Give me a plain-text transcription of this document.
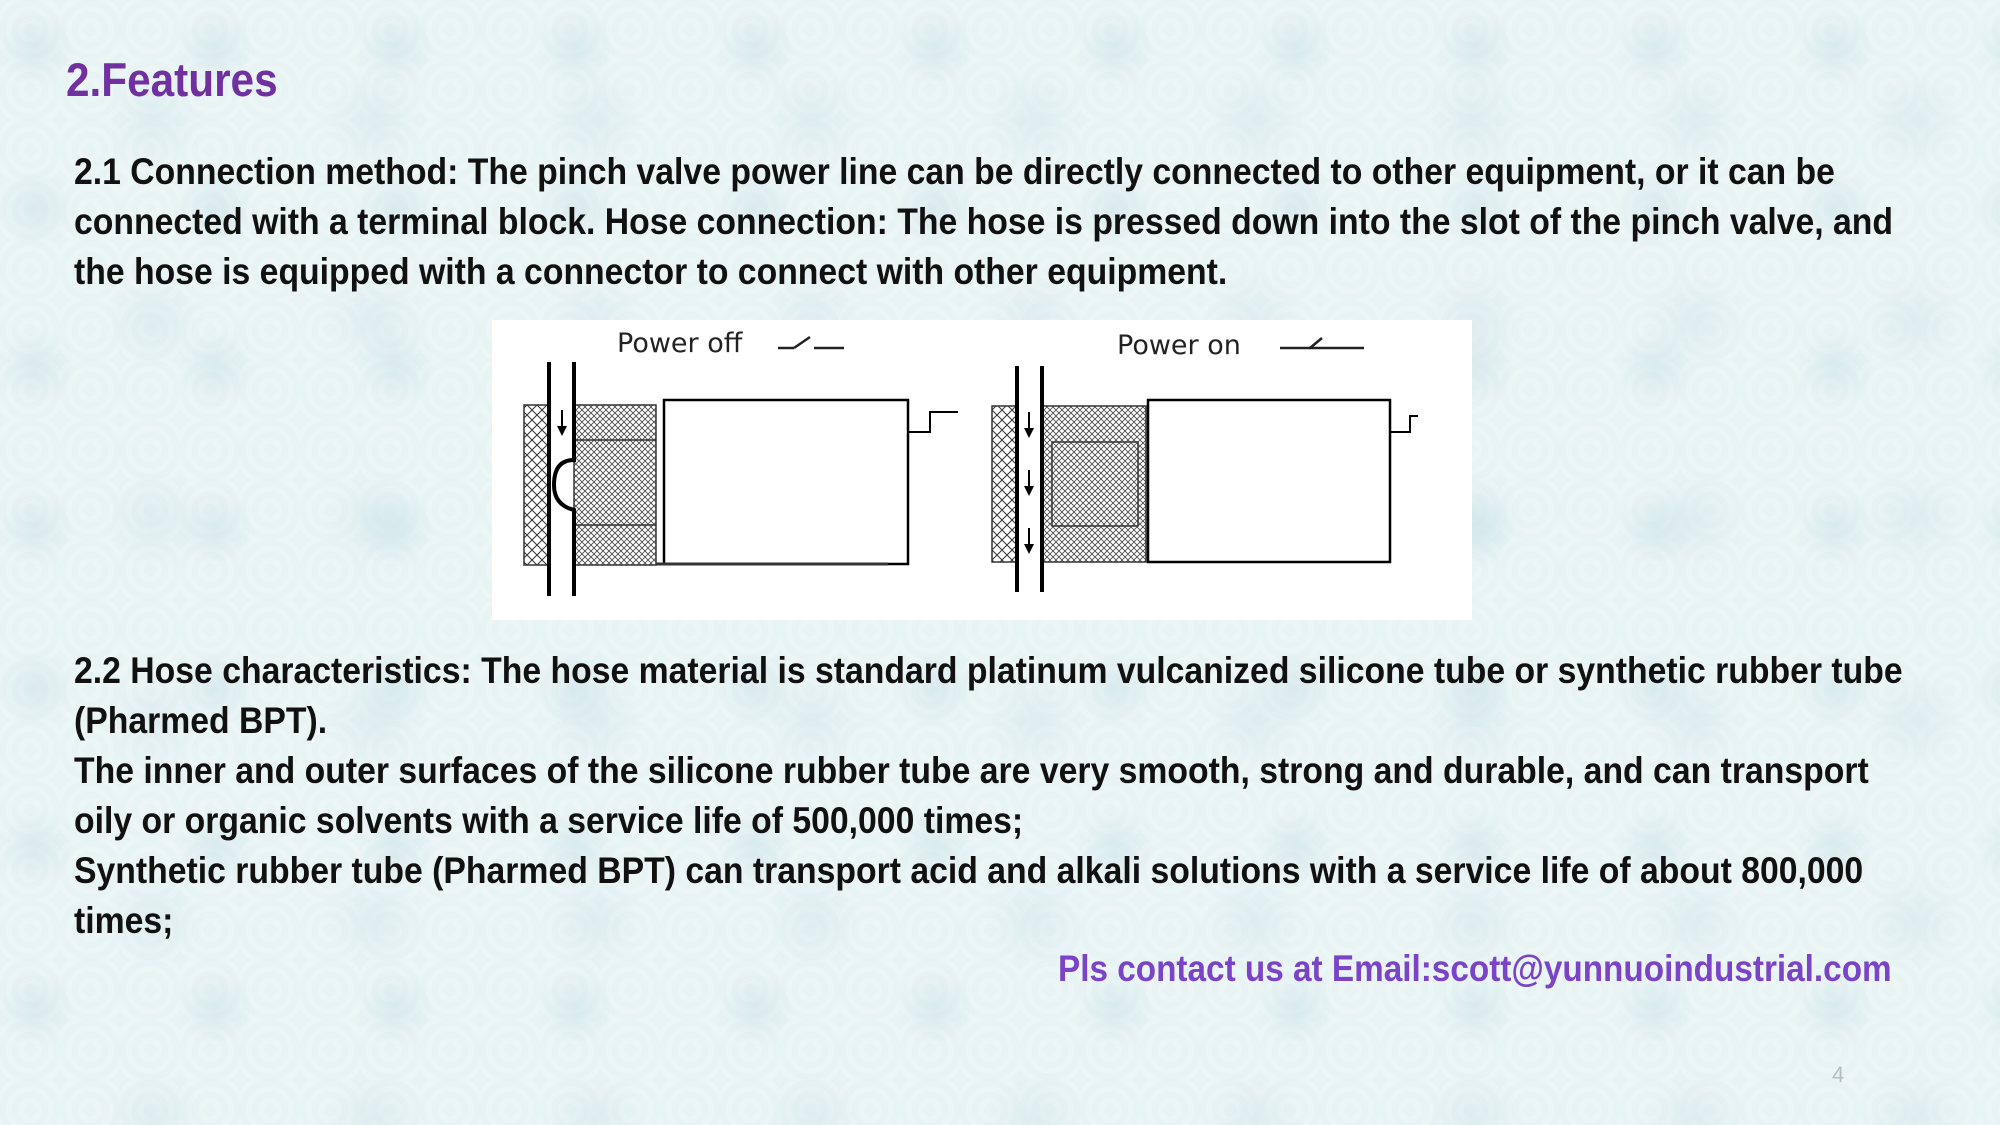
2.Features
2.1 Connection method: The pinch valve power line can be directly connected to other equipment, or it can be
connected with a terminal block. Hose connection: The hose is pressed down into the slot of the pinch valve, and
the hose is equipped with a connector to connect with other equipment.
Power off	Power on
2.2 Hose characteristics: The hose material is standard platinum vulcanized silicone tube or synthetic rubber tube
(Pharmed BPT).
The inner and outer surfaces of the silicone rubber tube are very smooth, strong and durable, and can transport
oily or organic solvents with a service life of 500,000 times;
Synthetic rubber tube (Pharmed BPT) can transport acid and alkali solutions with a service life of about 800,000
times;
Pls contact us at Email:scott@yunnuoindustrial.com
4
